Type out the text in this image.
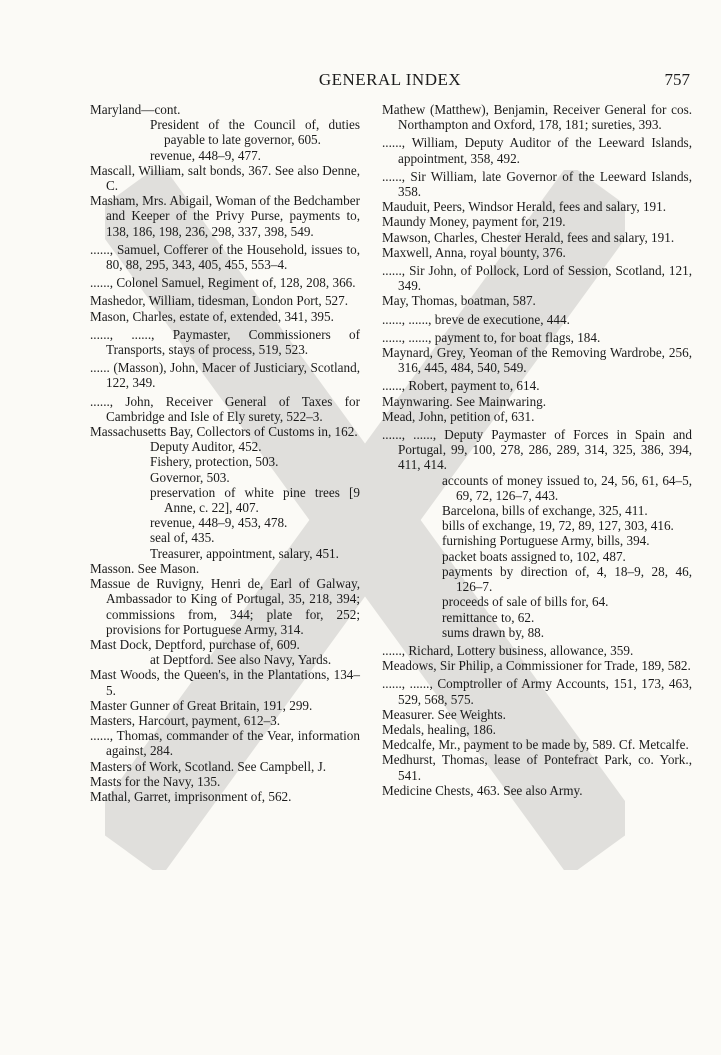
GENERAL INDEX	757

Maryland—cont.

President of the Council of, duties payable to late governor, 605.

revenue, 448–9, 477.

Mascall, William, salt bonds, 367. See also Denne, C.

Masham, Mrs. Abigail, Woman of the Bedchamber and Keeper of the Privy Purse, payments to, 138, 186, 198, 236, 298, 337, 398, 549.

......, Samuel, Cofferer of the Household, issues to, 80, 88, 295, 343, 405, 455, 553–4.

......, Colonel Samuel, Regiment of, 128, 208, 366.

Mashedor, William, tidesman, London Port, 527.

Mason, Charles, estate of, extended, 341, 395.

......, ......, Paymaster, Commissioners of Transports, stays of process, 519, 523.

...... (Masson), John, Macer of Justiciary, Scotland, 122, 349.

......, John, Receiver General of Taxes for Cambridge and Isle of Ely surety, 522–3.

Massachusetts Bay, Collectors of Customs in, 162.

Deputy Auditor, 452.

Fishery, protection, 503.

Governor, 503.

preservation of white pine trees [9 Anne, c. 22], 407.

revenue, 448–9, 453, 478.

seal of, 435.

Treasurer, appointment, salary, 451.

Masson. See Mason.

Massue de Ruvigny, Henri de, Earl of Galway, Ambassador to King of Portugal, 35, 218, 394; commissions from, 344; plate for, 252; provisions for Portuguese Army, 314.

Mast Dock, Deptford, purchase of, 609.

at Deptford. See also Navy, Yards.

Mast Woods, the Queen's, in the Plantations, 134–5.

Master Gunner of Great Britain, 191, 299.

Masters, Harcourt, payment, 612–3.

......, Thomas, commander of the Vear, information against, 284.

Masters of Work, Scotland. See Campbell, J.

Masts for the Navy, 135.

Mathal, Garret, imprisonment of, 562.

Mathew (Matthew), Benjamin, Receiver General for cos. Northampton and Oxford, 178, 181; sureties, 393.

......, William, Deputy Auditor of the Leeward Islands, appointment, 358, 492.

......, Sir William, late Governor of the Leeward Islands, 358.

Mauduit, Peers, Windsor Herald, fees and salary, 191.

Maundy Money, payment for, 219.

Mawson, Charles, Chester Herald, fees and salary, 191.

Maxwell, Anna, royal bounty, 376.

......, Sir John, of Pollock, Lord of Session, Scotland, 121, 349.

May, Thomas, boatman, 587.

......, ......, breve de executione, 444.

......, ......, payment to, for boat flags, 184.

Maynard, Grey, Yeoman of the Removing Wardrobe, 256, 316, 445, 484, 540, 549.

......, Robert, payment to, 614.

Maynwaring. See Mainwaring.

Mead, John, petition of, 631.

......, ......, Deputy Paymaster of Forces in Spain and Portugal, 99, 100, 278, 286, 289, 314, 325, 386, 394, 411, 414.

accounts of money issued to, 24, 56, 61, 64–5, 69, 72, 126–7, 443.

Barcelona, bills of exchange, 325, 411.

bills of exchange, 19, 72, 89, 127, 303, 416.

furnishing Portuguese Army, bills, 394.

packet boats assigned to, 102, 487.

payments by direction of, 4, 18–9, 28, 46, 126–7.

proceeds of sale of bills for, 64.

remittance to, 62.

sums drawn by, 88.

......, Richard, Lottery business, allowance, 359.

Meadows, Sir Philip, a Commissioner for Trade, 189, 582.

......, ......, Comptroller of Army Accounts, 151, 173, 463, 529, 568, 575.

Measurer. See Weights.

Medals, healing, 186.

Medcalfe, Mr., payment to be made by, 589. Cf. Metcalfe.

Medhurst, Thomas, lease of Pontefract Park, co. York., 541.

Medicine Chests, 463. See also Army.
